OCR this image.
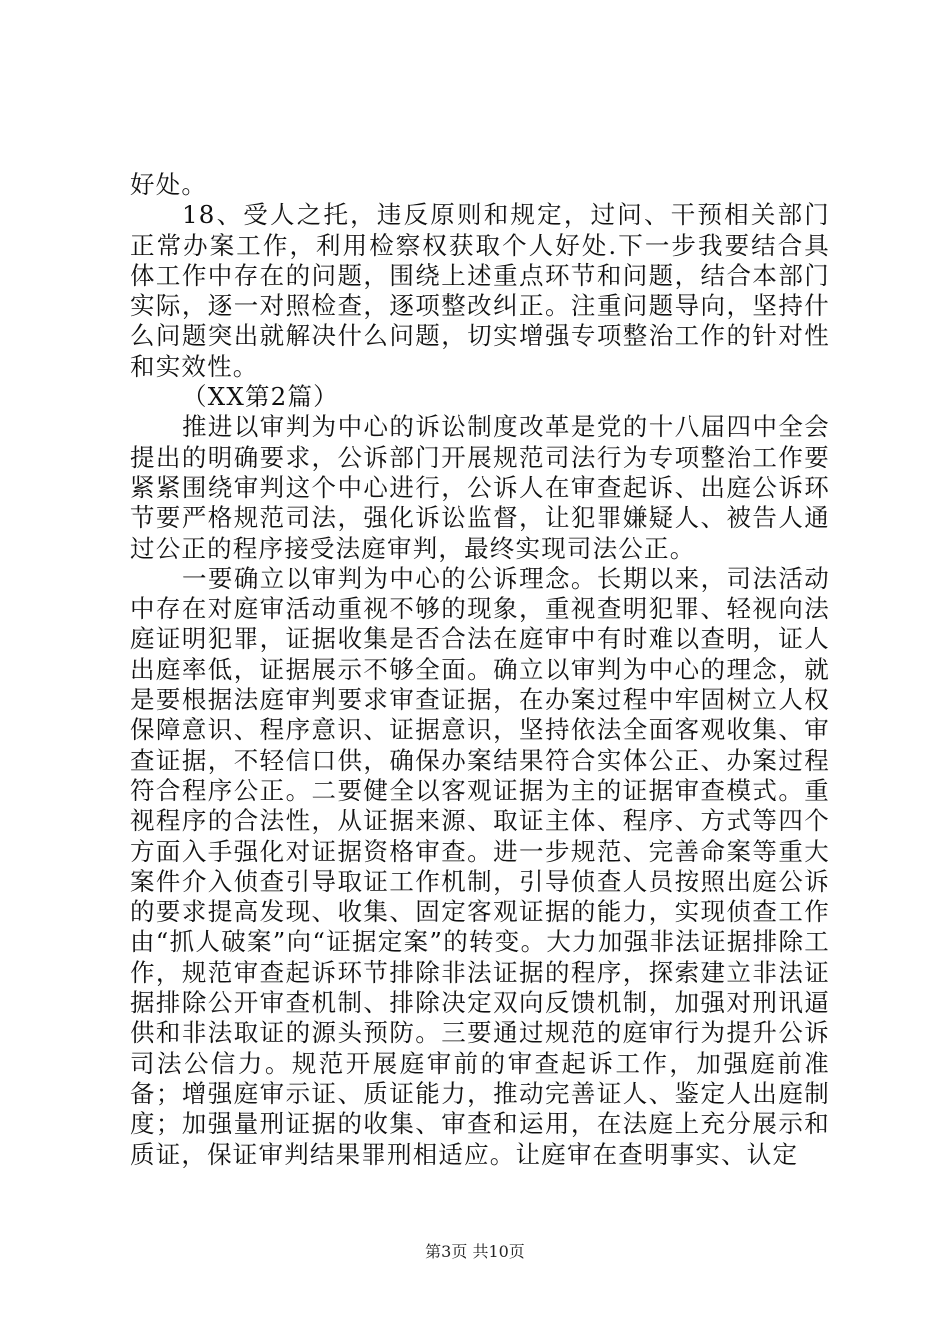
好处。

18、受人之托，违反原则和规定，过问、干预相关部门正常办案工作，利用检察权获取个人好处.下一步我要结合具体工作中存在的问题，围绕上述重点环节和问题，结合本部门实际，逐一对照检查，逐项整改纠正。注重问题导向，坚持什么问题突出就解决什么问题，切实增强专项整治工作的针对性和实效性。

（XX第2篇）

推进以审判为中心的诉讼制度改革是党的十八届四中全会提出的明确要求，公诉部门开展规范司法行为专项整治工作要紧紧围绕审判这个中心进行，公诉人在审查起诉、出庭公诉环节要严格规范司法，强化诉讼监督，让犯罪嫌疑人、被告人通过公正的程序接受法庭审判，最终实现司法公正。

一要确立以审判为中心的公诉理念。长期以来，司法活动中存在对庭审活动重视不够的现象，重视查明犯罪、轻视向法庭证明犯罪，证据收集是否合法在庭审中有时难以查明，证人出庭率低，证据展示不够全面。确立以审判为中心的理念，就是要根据法庭审判要求审查证据，在办案过程中牢固树立人权保障意识、程序意识、证据意识，坚持依法全面客观收集、审查证据，不轻信口供，确保办案结果符合实体公正、办案过程符合程序公正。二要健全以客观证据为主的证据审查模式。重视程序的合法性，从证据来源、取证主体、程序、方式等四个方面入手强化对证据资格审查。进一步规范、完善命案等重大案件介入侦查引导取证工作机制，引导侦查人员按照出庭公诉的要求提高发现、收集、固定客观证据的能力，实现侦查工作由“抓人破案”向“证据定案”的转变。大力加强非法证据排除工作，规范审查起诉环节排除非法证据的程序，探索建立非法证据排除公开审查机制、排除决定双向反馈机制，加强对刑讯逼供和非法取证的源头预防。三要通过规范的庭审行为提升公诉司法公信力。规范开展庭审前的审查起诉工作，加强庭前准备；增强庭审示证、质证能力，推动完善证人、鉴定人出庭制度；加强量刑证据的收集、审查和运用，在法庭上充分展示和质证，保证审判结果罪刑相适应。让庭审在查明事实、认定

第3页 共10页
